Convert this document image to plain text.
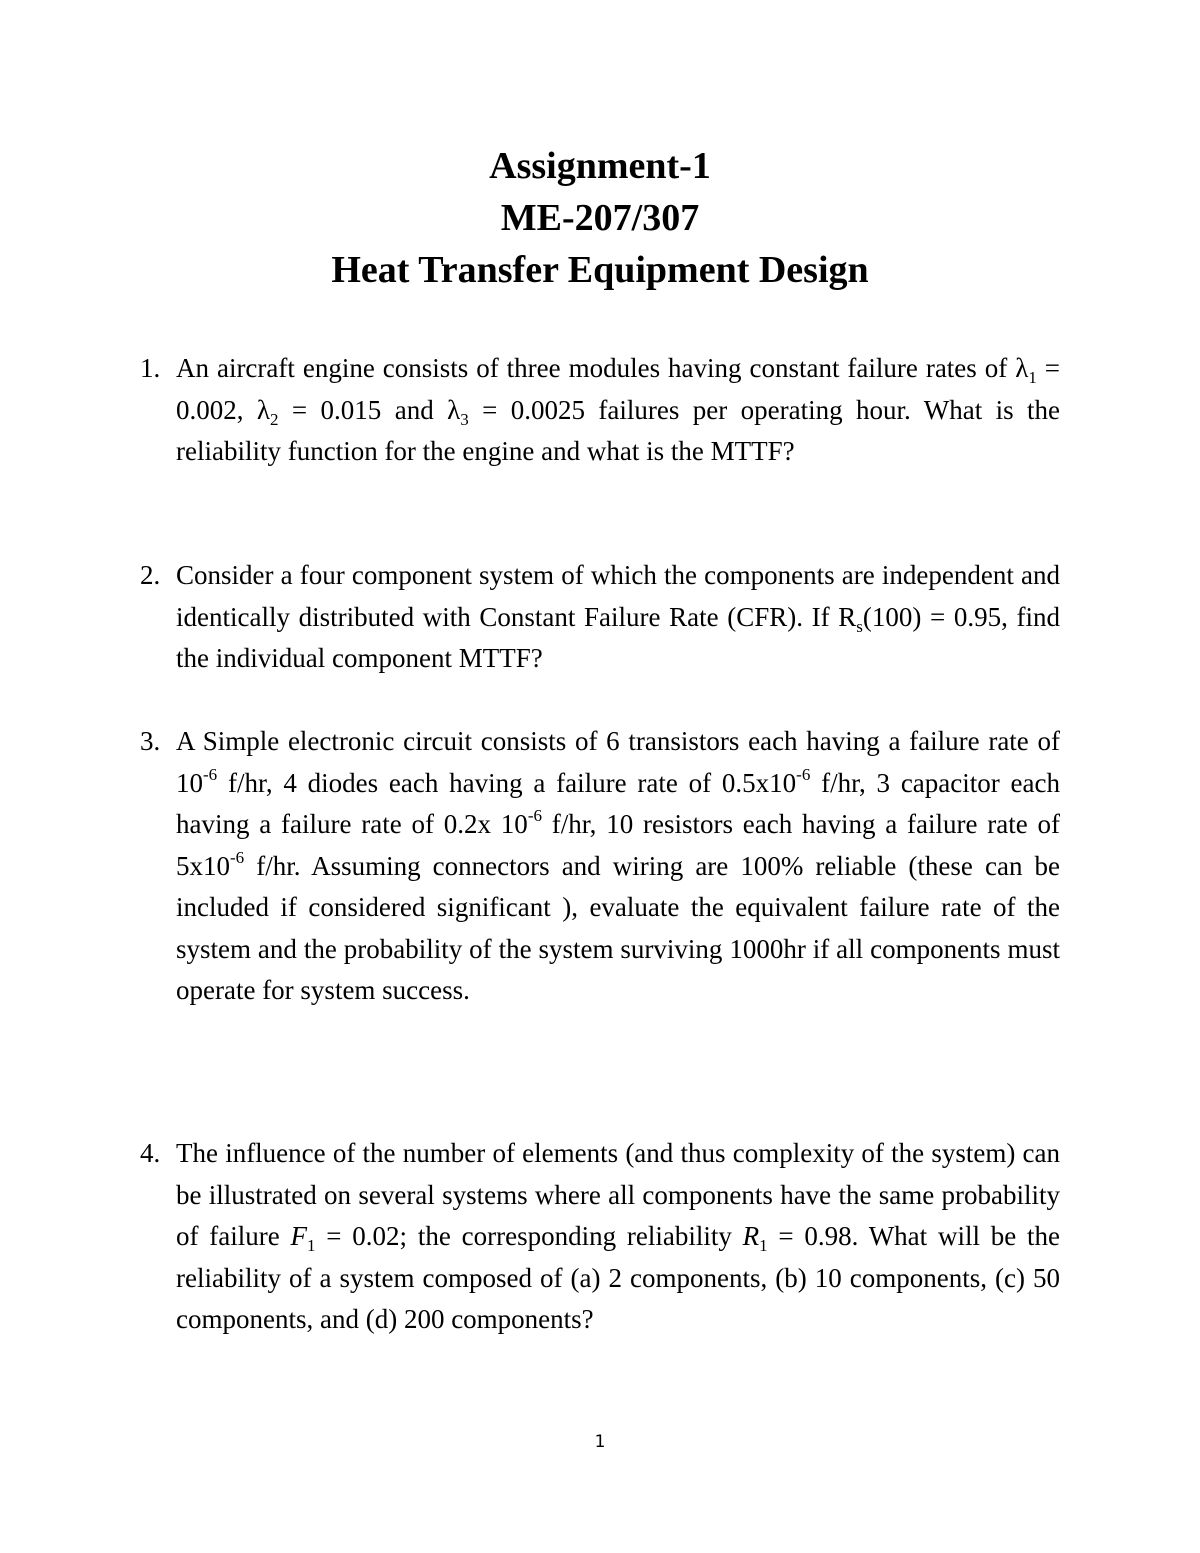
Assignment-1
ME-207/307
Heat Transfer Equipment Design
1. An aircraft engine consists of three modules having constant failure rates of $\lambda_1 = 0.002$, $\lambda_2 = 0.015$ and $\lambda_3 = 0.0025$ failures per operating hour. What is the reliability function for the engine and what is the MTTF?
2. Consider a four component system of which the components are independent and identically distributed with Constant Failure Rate (CFR). If $R_s(100) = 0.95$, find the individual component MTTF?
3. A Simple electronic circuit consists of 6 transistors each having a failure rate of $10^{-6}$ f/hr, 4 diodes each having a failure rate of $0.5x10^{-6}$ f/hr, 3 capacitor each having a failure rate of 0.2x $10^{-6}$ f/hr, 10 resistors each having a failure rate of $5x10^{-6}$ f/hr. Assuming connectors and wiring are 100% reliable (these can be included if considered significant ), evaluate the equivalent failure rate of the system and the probability of the system surviving 1000hr if all components must operate for system success.
4. The influence of the number of elements (and thus complexity of the system) can be illustrated on several systems where all components have the same probability of failure $F_1 = 0.02$; the corresponding reliability $R_1 = 0.98$. What will be the reliability of a system composed of (a) 2 components, (b) 10 components, (c) 50 components, and (d) 200 components?
1
